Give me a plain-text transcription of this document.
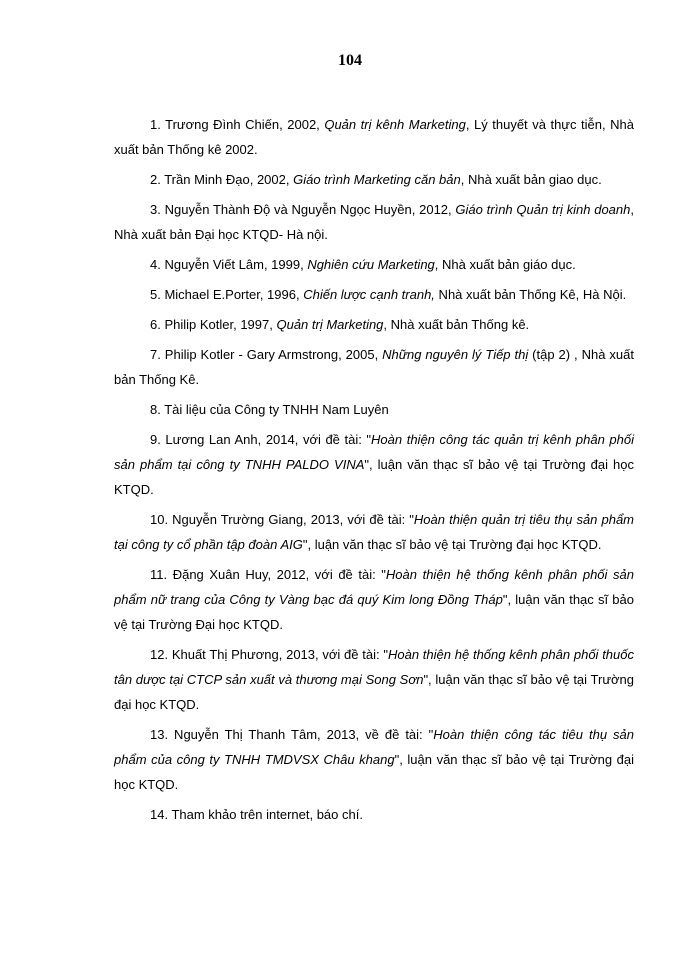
104

1. Trương Đình Chiến, 2002, Quản trị kênh Marketing, Lý thuyết và thực tiễn, Nhà xuất bản Thống kê 2002.

2. Trần Minh Đạo, 2002, Giáo trình Marketing căn bản, Nhà xuất bản giao dục.

3. Nguyễn Thành Độ và Nguyễn Ngọc Huyền, 2012, Giáo trình Quản trị kinh doanh, Nhà xuất bản Đại học KTQD- Hà nội.

4. Nguyễn Viết Lâm, 1999, Nghiên cứu Marketing, Nhà xuất bản giáo dục.

5. Michael E.Porter, 1996, Chiến lược cạnh tranh, Nhà xuất bản Thống Kê, Hà Nội.

6. Philip Kotler, 1997, Quản trị Marketing, Nhà xuất bản Thống kê.

7. Philip Kotler - Gary Armstrong, 2005, Những nguyên lý Tiếp thị (tập 2) , Nhà xuất bản Thống Kê.

8. Tài liệu của Công ty TNHH Nam Luyên

9. Lương Lan Anh, 2014, với đề tài: "Hoàn thiện công tác quản trị kênh phân phối sản phẩm tại công ty TNHH PALDO VINA", luận văn thạc sĩ bảo vệ tại Trường đại học KTQD.

10. Nguyễn Trường Giang, 2013, với đề tài: "Hoàn thiện quản trị tiêu thụ sản phẩm tại công ty cổ phần tập đoàn AIG", luận văn thạc sĩ bảo vệ tại Trường đại học KTQD.

11. Đặng Xuân Huy, 2012, với đề tài: "Hoàn thiện hệ thống kênh phân phối sản phẩm nữ trang của Công ty Vàng bạc đá quý Kim long Đồng Tháp", luận văn thạc sĩ bảo vệ tại Trường Đại học KTQD.

12. Khuất Thị Phương, 2013, với đề tài: "Hoàn thiện hệ thống kênh phân phối thuốc tân dược tại CTCP sản xuất và thương mại Song Sơn", luận văn thạc sĩ bảo vệ tại Trường đại học KTQD.

13. Nguyễn Thị Thanh Tâm, 2013, về đề tài: "Hoàn thiện công tác tiêu thụ sản phẩm của công ty TNHH TMDVSX Châu khang", luận văn thạc sĩ bảo vệ tại Trường đại học KTQD.

14. Tham khảo trên internet, báo chí.
